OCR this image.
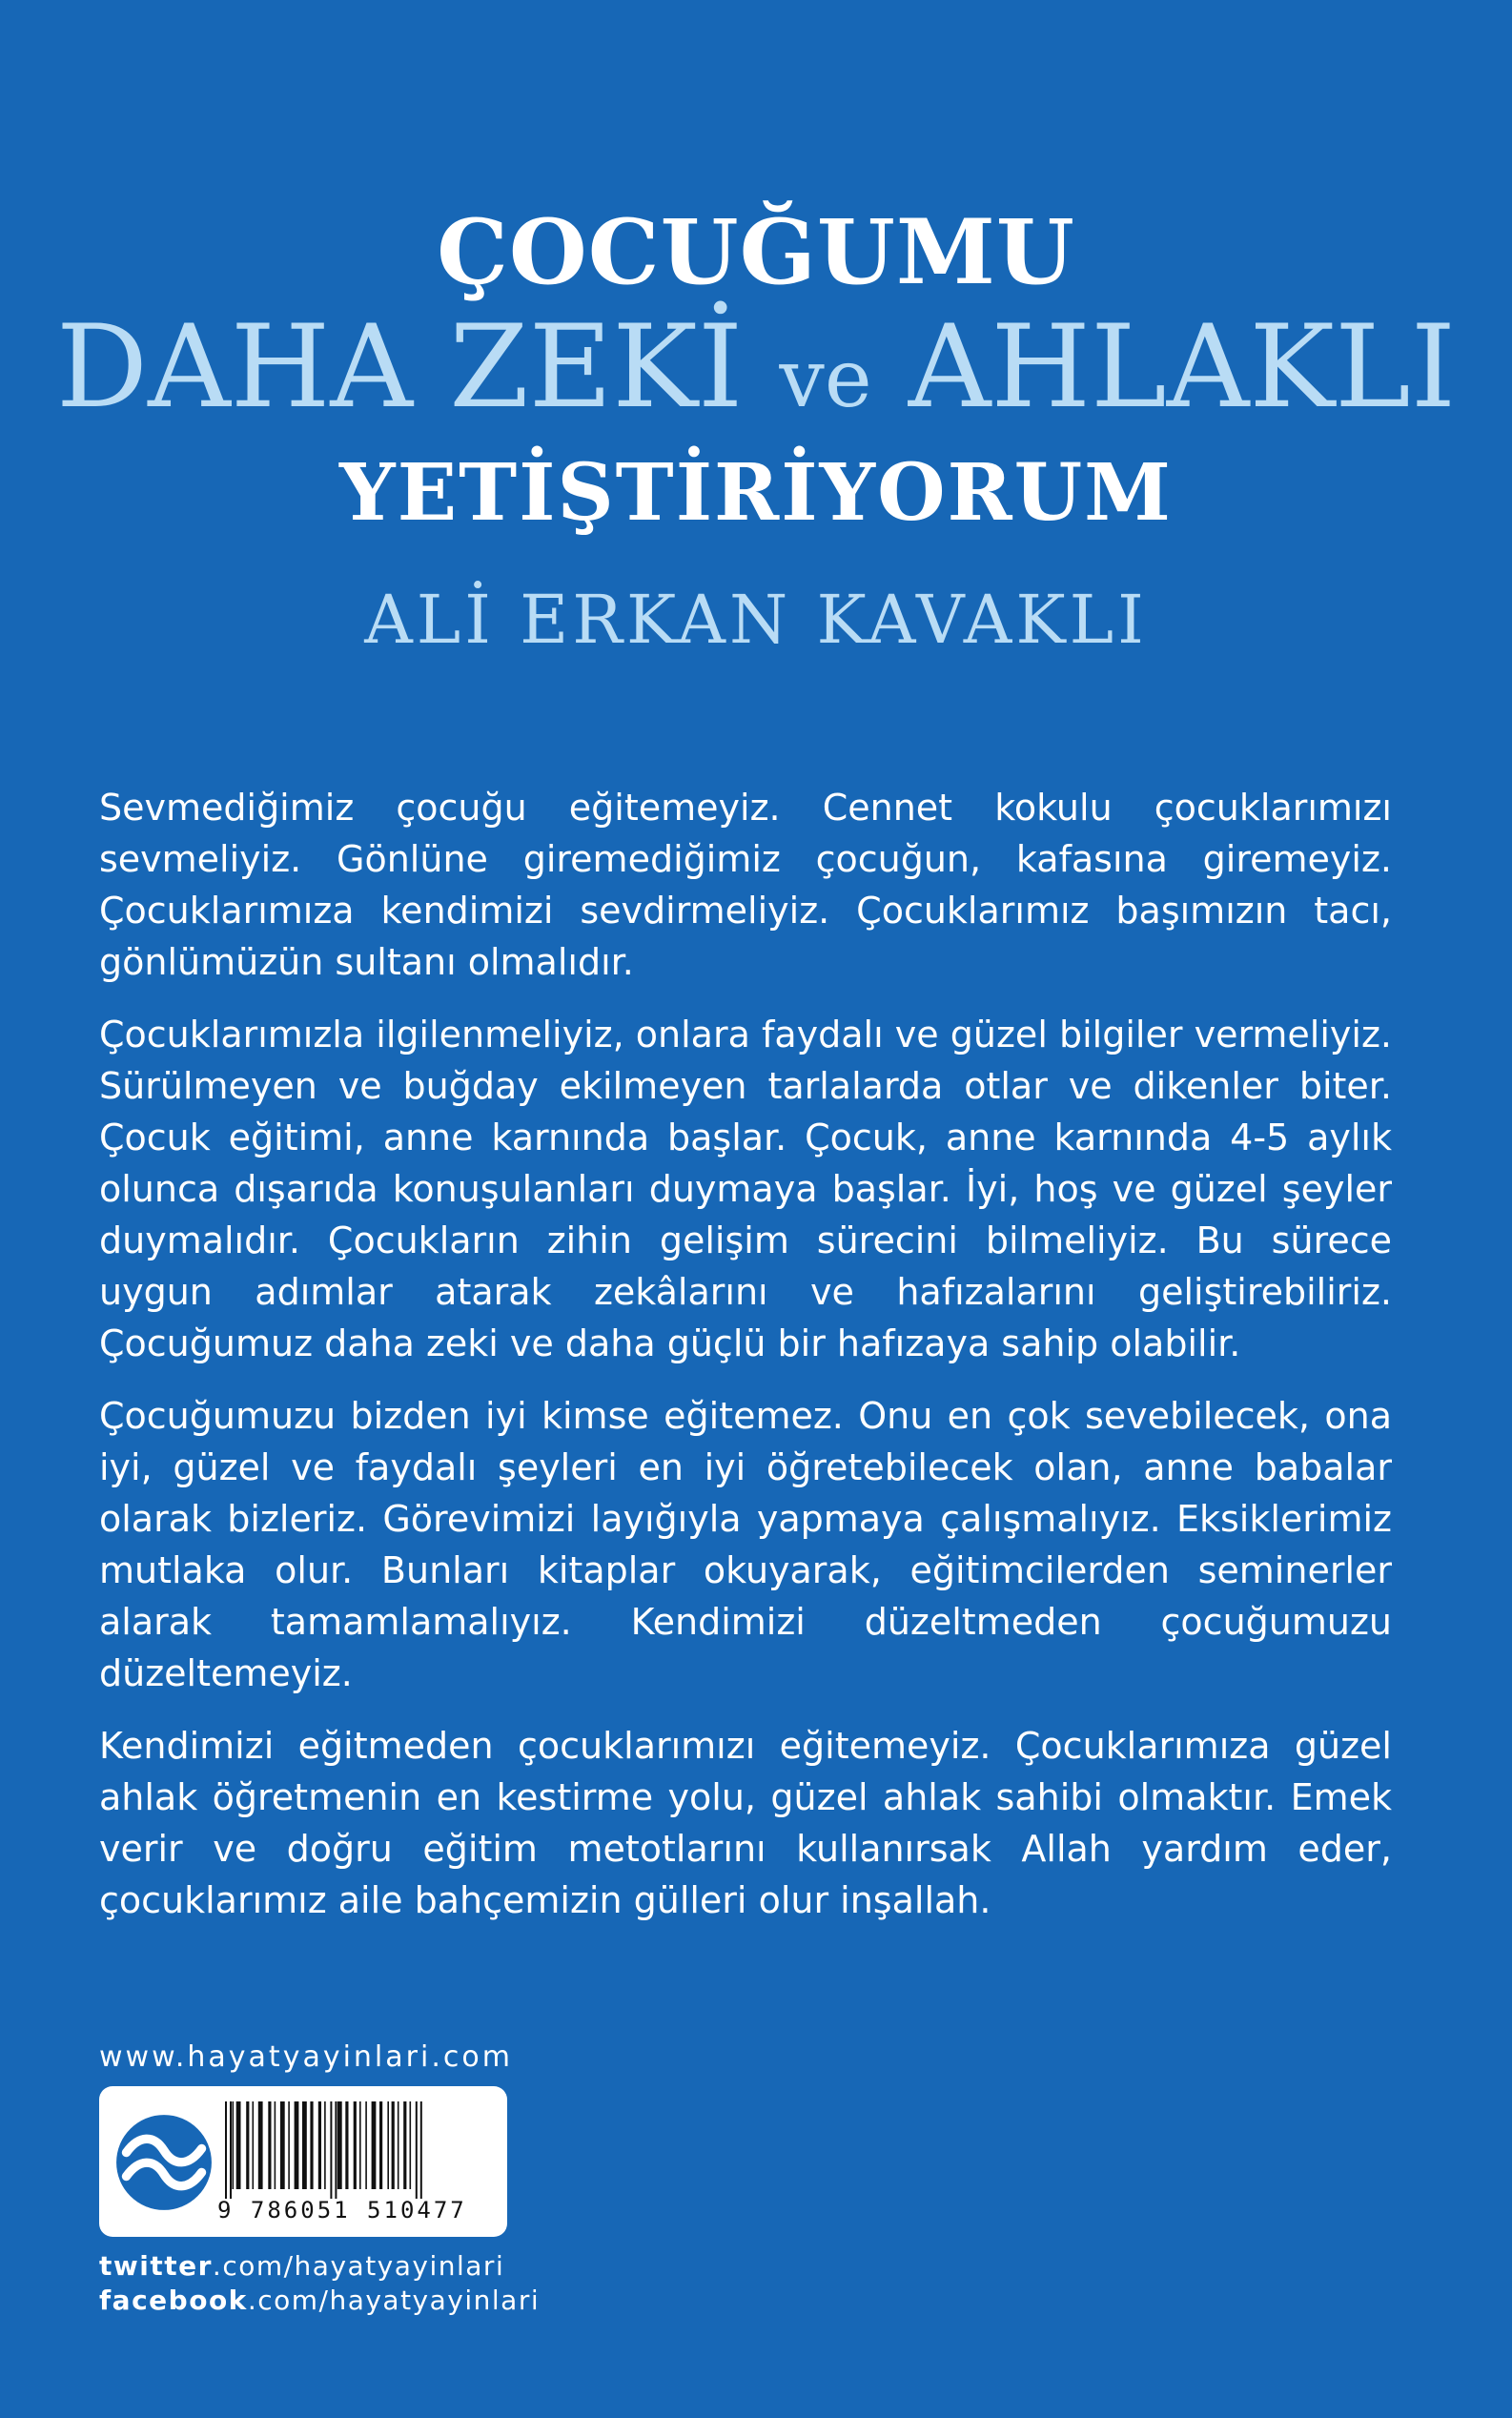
ÇOCUĞUMU
DAHA ZEKİ ve AHLAKLI
YETİŞTİRİYORUM
ALİ ERKAN KAVAKLI

Sevmediğimiz çocuğu eğitemeyiz. Cennet kokulu çocuklarımızı sevmeliyiz. Gönlüne giremediğimiz çocuğun, kafasına giremeyiz. Çocuklarımıza kendimizi sevdirmeliyiz. Çocuklarımız başımızın tacı, gönlümüzün sultanı olmalıdır.

Çocuklarımızla ilgilenmeliyiz, onlara faydalı ve güzel bilgiler vermeliyiz. Sürülmeyen ve buğday ekilmeyen tarlalarda otlar ve dikenler biter. Çocuk eğitimi, anne karnında başlar. Çocuk, anne karnında 4-5 aylık olunca dışarıda konuşulanları duymaya başlar. İyi, hoş ve güzel şeyler duymalıdır. Çocukların zihin gelişim sürecini bilmeliyiz. Bu sürece uygun adımlar atarak zekâlarını ve hafızalarını geliştirebiliriz. Çocuğumuz daha zeki ve daha güçlü bir hafızaya sahip olabilir.

Çocuğumuzu bizden iyi kimse eğitemez. Onu en çok sevebilecek, ona iyi, güzel ve faydalı şeyleri en iyi öğretebilecek olan, anne babalar olarak bizleriz. Görevimizi layığıyla yapmaya çalışmalıyız. Eksiklerimiz mutlaka olur. Bunları kitaplar okuyarak, eğitimcilerden seminerler alarak tamamlamalıyız. Kendimizi düzeltmeden çocuğumuzu düzeltemeyiz.

Kendimizi eğitmeden çocuklarımızı eğitemeyiz. Çocuklarımıza güzel ahlak öğretmenin en kestirme yolu, güzel ahlak sahibi olmaktır. Emek verir ve doğru eğitim metotlarını kullanırsak Allah yardım eder, çocuklarımız aile bahçemizin gülleri olur inşallah.

www.hayatyayinlari.com
9 786051 510477
twitter.com/hayatyayinlari
facebook.com/hayatyayinlari
